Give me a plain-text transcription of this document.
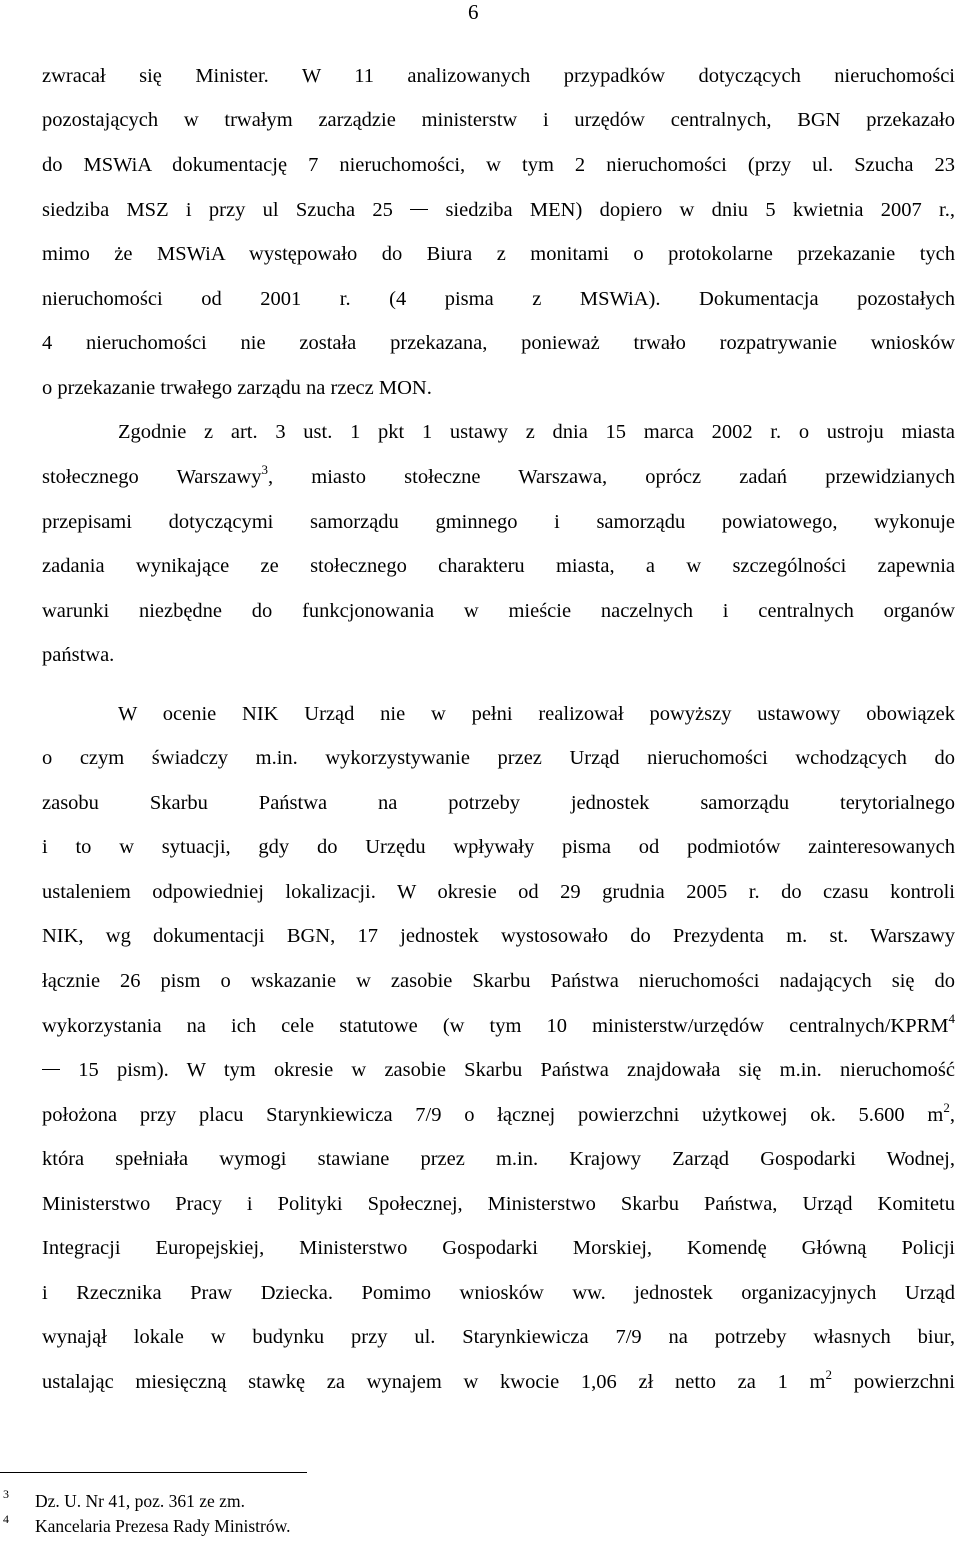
6
zwracał się Minister. W 11 analizowanych przypadków dotyczących nieruchomości
pozostających w trwałym zarządzie ministerstw i urzędów centralnych, BGN przekazało
do MSWiA dokumentację 7 nieruchomości, w tym 2 nieruchomości (przy ul. Szucha 23
siedziba MSZ i przy ul Szucha 25	siedziba MEN) dopiero w dniu 5 kwietnia 2007 r.,
mimo że MSWiA występowało do Biura z monitami o protokolarne przekazanie tych
nieruchomości od 2001 r. (4 pisma z MSWiA). Dokumentacja pozostałych
4 nieruchomości nie została przekazana, ponieważ trwało rozpatrywanie wniosków
o przekazanie trwałego zarządu na rzecz MON.
Zgodnie z art. 3 ust. 1 pkt 1 ustawy z dnia 15 marca 2002 r. o ustroju miasta
stołecznego Warszawy$^3$, miasto stołeczne Warszawa, oprócz zadań przewidzianych
przepisami dotyczącymi samorządu gminnego i samorządu powiatowego, wykonuje
zadania wynikające ze stołecznego charakteru miasta, a w szczególności zapewnia
warunki niezbędne do funkcjonowania w mieście naczelnych i centralnych organów
państwa.
W ocenie NIK Urząd nie w pełni realizował powyższy ustawowy obowiązek
o czym świadczy m.in. wykorzystywanie przez Urząd nieruchomości wchodzących do
zasobu Skarbu Państwa na potrzeby jednostek samorządu terytorialnego
i to w sytuacji, gdy do Urzędu wpływały pisma od podmiotów zainteresowanych
ustaleniem odpowiedniej lokalizacji. W okresie od 29 grudnia 2005 r. do czasu kontroli
NIK, wg dokumentacji BGN, 17 jednostek wystosowało do Prezydenta m. st. Warszawy
łącznie 26 pism o wskazanie w zasobie Skarbu Państwa nieruchomości nadających się do
wykorzystania na ich cele statutowe (w tym 10 ministerstw/urzędów centralnych/KPRM$^4$
15 pism). W tym okresie w zasobie Skarbu Państwa znajdowała się m.in. nieruchomość
położona przy placu Starynkiewicza 7/9 o łącznej powierzchni użytkowej ok. 5.600 $m^2$,
która spełniała wymogi stawiane przez m.in. Krajowy Zarząd Gospodarki Wodnej,
Ministerstwo Pracy i Polityki Społecznej, Ministerstwo Skarbu Państwa, Urząd Komitetu
Integracji Europejskiej, Ministerstwo Gospodarki Morskiej, Komendę Główną Policji
i Rzecznika Praw Dziecka. Pomimo wniosków ww. jednostek organizacyjnych Urząd
wynajął lokale w budynku przy ul. Starynkiewicza 7/9 na potrzeby własnych biur,
ustalając miesięczną stawkę za wynajem w kwocie 1,06 zł netto za 1 $m^2$ powierzchni
3 Dz. U. Nr 41, poz. 361 ze zm.
4 Kancelaria Prezesa Rady Ministrów.
